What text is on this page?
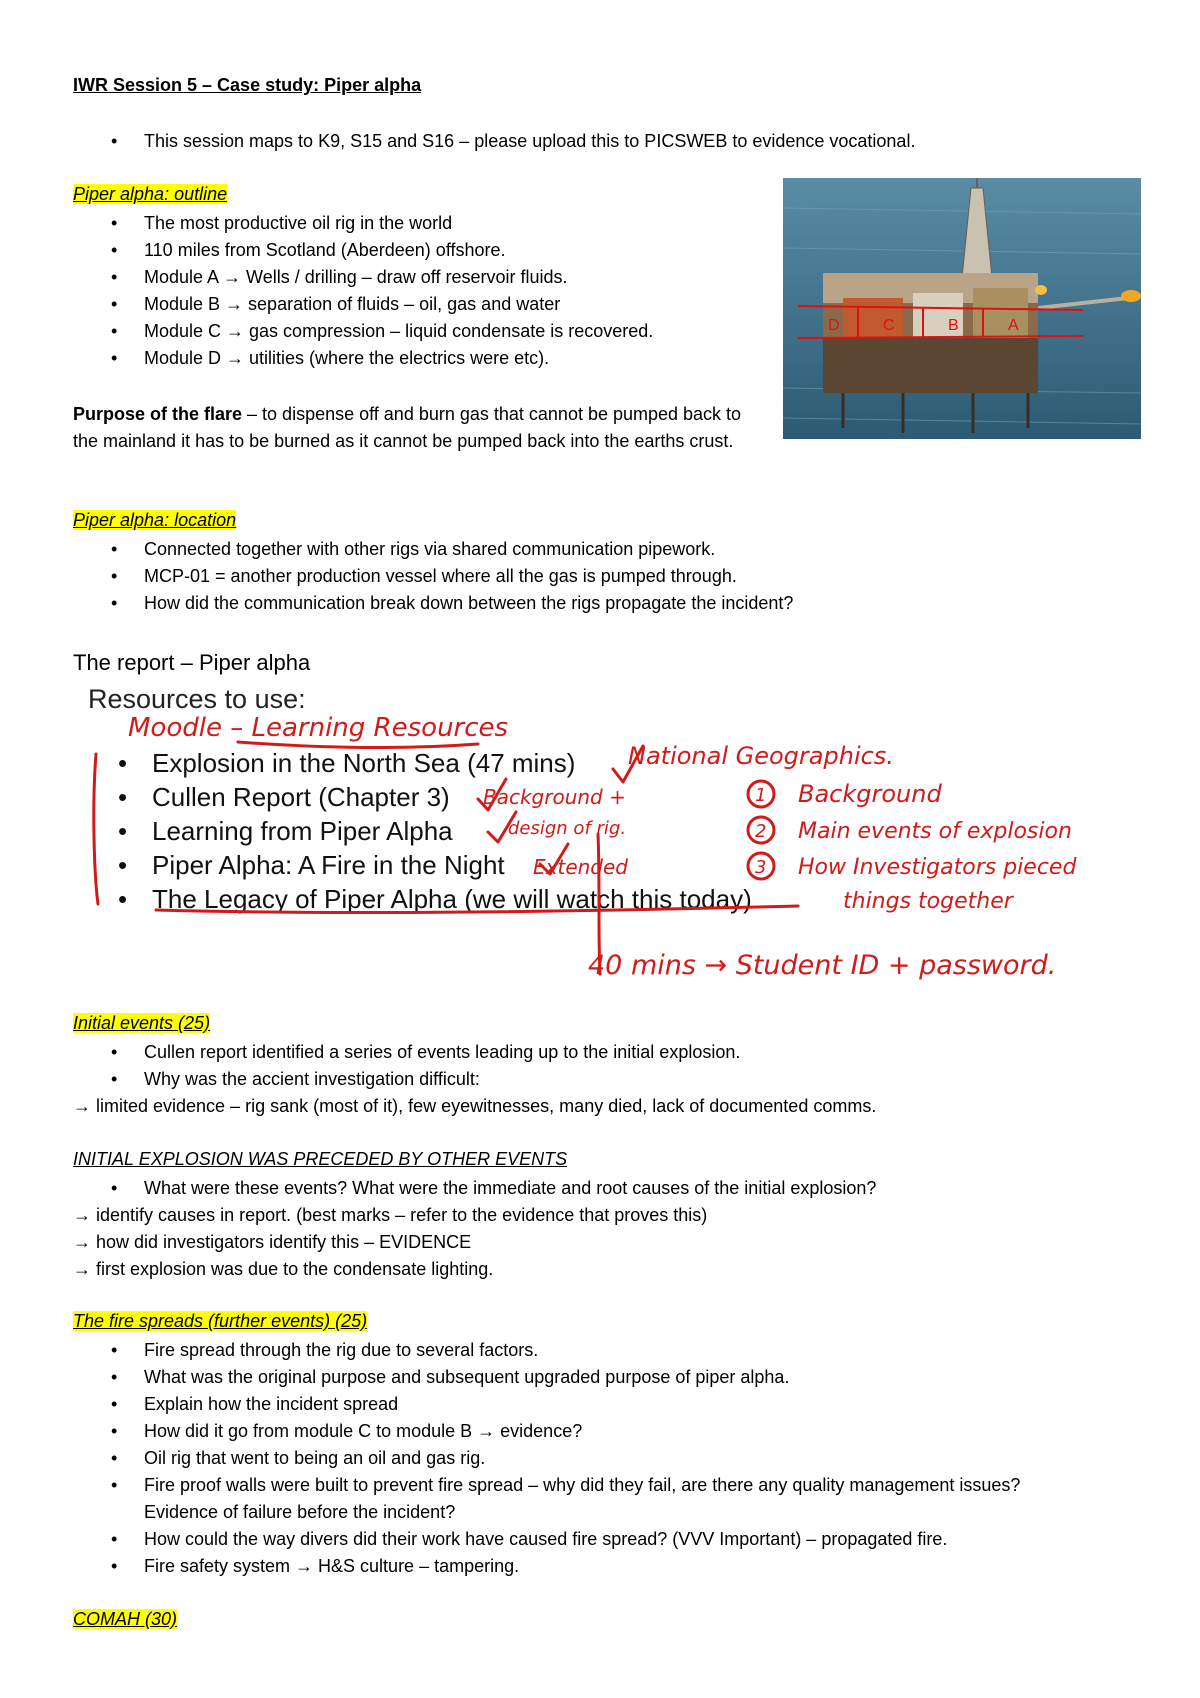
IWR Session 5 – Case study: Piper alpha
• This session maps to K9, S15 and S16 – please upload this to PICSWEB to evidence vocational.
Piper alpha: outline
• The most productive oil rig in the world
• 110 miles from Scotland (Aberdeen) offshore.
• Module A → Wells / drilling – draw off reservoir fluids.
• Module B → separation of fluids – oil, gas and water
• Module C → gas compression – liquid condensate is recovered.
• Module D → utilities (where the electrics were etc).
D	C	B	A
Purpose of the flare – to dispense off and burn gas that cannot be pumped back to the mainland it has to be burned as it cannot be pumped back into the earths crust.
Piper alpha: location
• Connected together with other rigs via shared communication pipework.
• MCP-01 = another production vessel where all the gas is pumped through.
• How did the communication break down between the rigs propagate the incident?
The report – Piper alpha
Resources to use:
• Explosion in the North Sea (47 mins)
• Cullen Report (Chapter 3)
• Learning from Piper Alpha
• Piper Alpha: A Fire in the Night
• The Legacy of Piper Alpha (we will watch this today)
Moodle – Learning Resources
National Geographics.
Background +
design of rig.
Extended
1
2
3
Background
Main events of explosion
How Investigators pieced
things together
40 mins → Student ID + password.
Initial events (25)
• Cullen report identified a series of events leading up to the initial explosion.
• Why was the accient investigation difficult:
→ limited evidence – rig sank (most of it), few eyewitnesses, many died, lack of documented comms.
INITIAL EXPLOSION WAS PRECEDED BY OTHER EVENTS
• What were these events? What were the immediate and root causes of the initial explosion?
→ identify causes in report. (best marks – refer to the evidence that proves this)
→ how did investigators identify this – EVIDENCE
→ first explosion was due to the condensate lighting.
The fire spreads (further events) (25)
• Fire spread through the rig due to several factors.
• What was the original purpose and subsequent upgraded purpose of piper alpha.
• Explain how the incident spread
• How did it go from module C to module B → evidence?
• Oil rig that went to being an oil and gas rig.
• Fire proof walls were built to prevent fire spread – why did they fail, are there any quality management issues? Evidence of failure before the incident?
• How could the way divers did their work have caused fire spread? (VVV Important) – propagated fire.
• Fire safety system → H&S culture – tampering.
COMAH (30)
